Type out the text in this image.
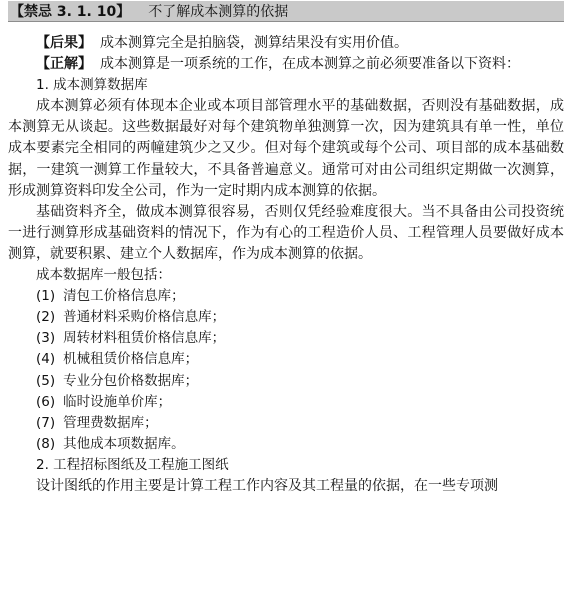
【禁忌 3. 1. 10】 不了解成本测算的依据

【后果】 成本测算完全是拍脑袋，测算结果没有实用价值。

【正解】 成本测算是一项系统的工作，在成本测算之前必须要准备以下资料：

1. 成本测算数据库

成本测算必须有体现本企业或本项目部管理水平的基础数据，否则没有基础数据，成本测算无从谈起。这些数据最好对每个建筑物单独测算一次，因为建筑具有单一性，单位成本要素完全相同的两幢建筑少之又少。但对每个建筑或每个公司、项目部的成本基础数据，一建筑一测算工作量较大，不具备普遍意义。通常可对由公司组织定期做一次测算，形成测算资料印发全公司，作为一定时期内成本测算的依据。

基础资料齐全，做成本测算很容易，否则仅凭经验难度很大。当不具备由公司投资统一进行测算形成基础资料的情况下，作为有心的工程造价人员、工程管理人员要做好成本测算，就要积累、建立个人数据库，作为成本测算的依据。

成本数据库一般包括：

(1) 清包工价格信息库；

(2) 普通材料采购价格信息库；

(3) 周转材料租赁价格信息库；

(4) 机械租赁价格信息库；

(5) 专业分包价格数据库；

(6) 临时设施单价库；

(7) 管理费数据库；

(8) 其他成本项数据库。

2. 工程招标图纸及工程施工图纸

设计图纸的作用主要是计算工程工作内容及其工程量的依据，在一些专项测
